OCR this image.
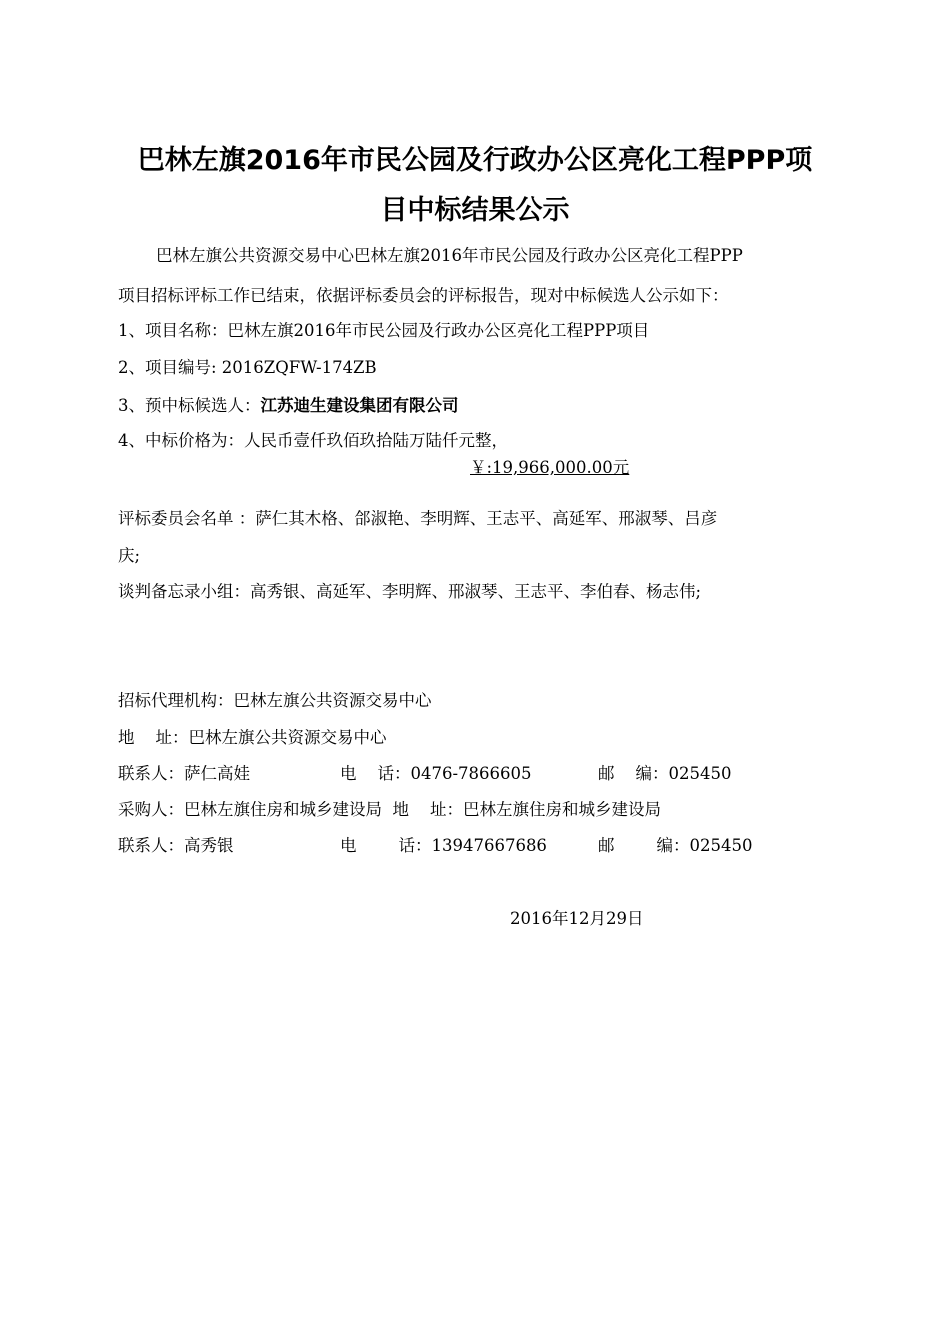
巴林左旗2016年市民公园及行政办公区亮化工程PPP项
目中标结果公示
巴林左旗公共资源交易中心巴林左旗2016年市民公园及行政办公区亮化工程PPP
项目招标评标工作已结束，依据评标委员会的评标报告，现对中标候选人公示如下：
1、项目名称：巴林左旗2016年市民公园及行政办公区亮化工程PPP项目
2、项目编号: 2016ZQFW-174ZB
3、预中标候选人：江苏迪生建设集团有限公司
4、中标价格为：人民币壹仟玖佰玖拾陆万陆仟元整，
￥:19,966,000.00元
评标委员会名单 ：萨仁其木格、郃淑艳、李明辉、王志平、高延军、邢淑琴、吕彦
庆;
谈判备忘录小组：高秀银、高延军、李明辉、邢淑琴、王志平、李伯春、杨志伟;
招标代理机构：巴林左旗公共资源交易中心
地    址：巴林左旗公共资源交易中心
联系人：萨仁高娃	电    话：0476-7866605	邮    编：025450
采购人：巴林左旗住房和城乡建设局  地    址：巴林左旗住房和城乡建设局
联系人：高秀银	电        话：13947667686	邮        编：025450
2016年12月29日
